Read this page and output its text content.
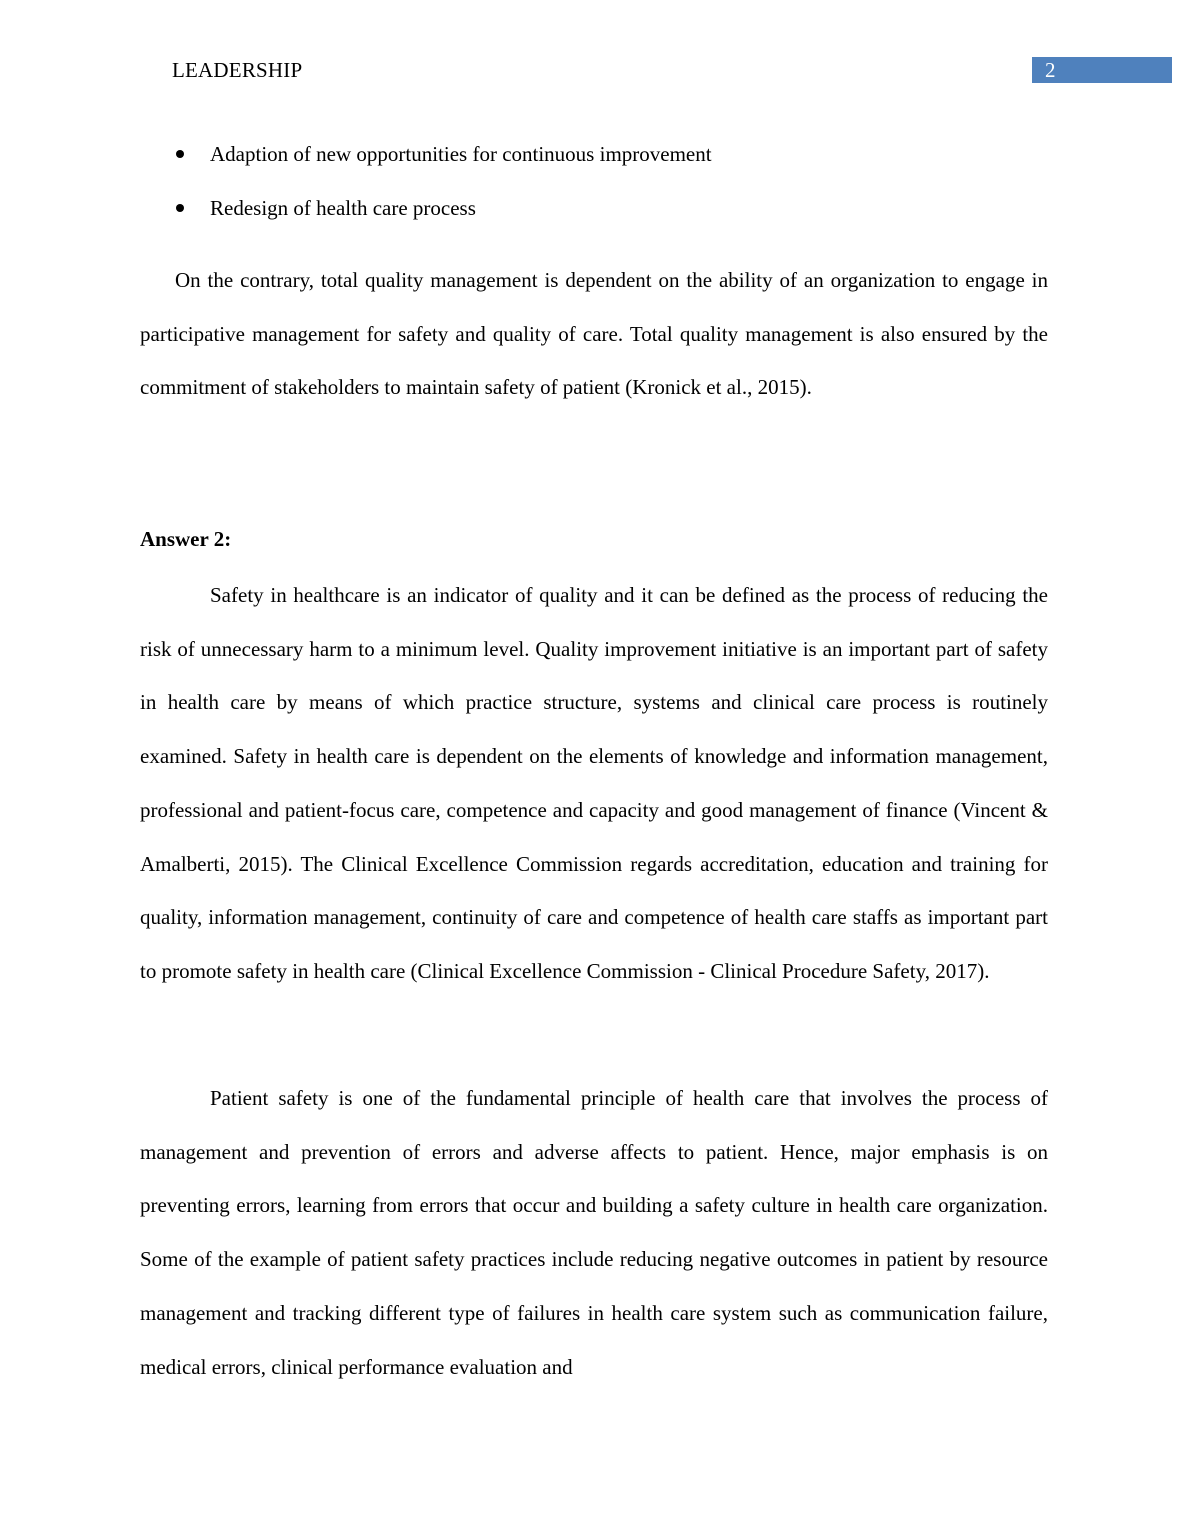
LEADERSHIP	2
Adaption of new opportunities for continuous improvement
Redesign of health care process

On the contrary, total quality management is dependent on the ability of an organization to engage in participative management for safety and quality of care. Total quality management is also ensured by the commitment of stakeholders to maintain safety of patient (Kronick et al., 2015).

Answer 2:

Safety in healthcare is an indicator of quality and it can be defined as the process of reducing the risk of unnecessary harm to a minimum level. Quality improvement initiative is an important part of safety in health care by means of which practice structure, systems and clinical care process is routinely examined. Safety in health care is dependent on the elements of knowledge and information management, professional and patient-focus care, competence and capacity and good management of finance (Vincent & Amalberti, 2015). The Clinical Excellence Commission regards accreditation, education and training for quality, information management, continuity of care and competence of health care staffs as important part to promote safety in health care (Clinical Excellence Commission - Clinical Procedure Safety, 2017).

Patient safety is one of the fundamental principle of health care that involves the process of management and prevention of errors and adverse affects to patient. Hence, major emphasis is on preventing errors, learning from errors that occur and building a safety culture in health care organization. Some of the example of patient safety practices include reducing negative outcomes in patient by resource management and tracking different type of failures in health care system such as communication failure, medical errors, clinical performance evaluation and
